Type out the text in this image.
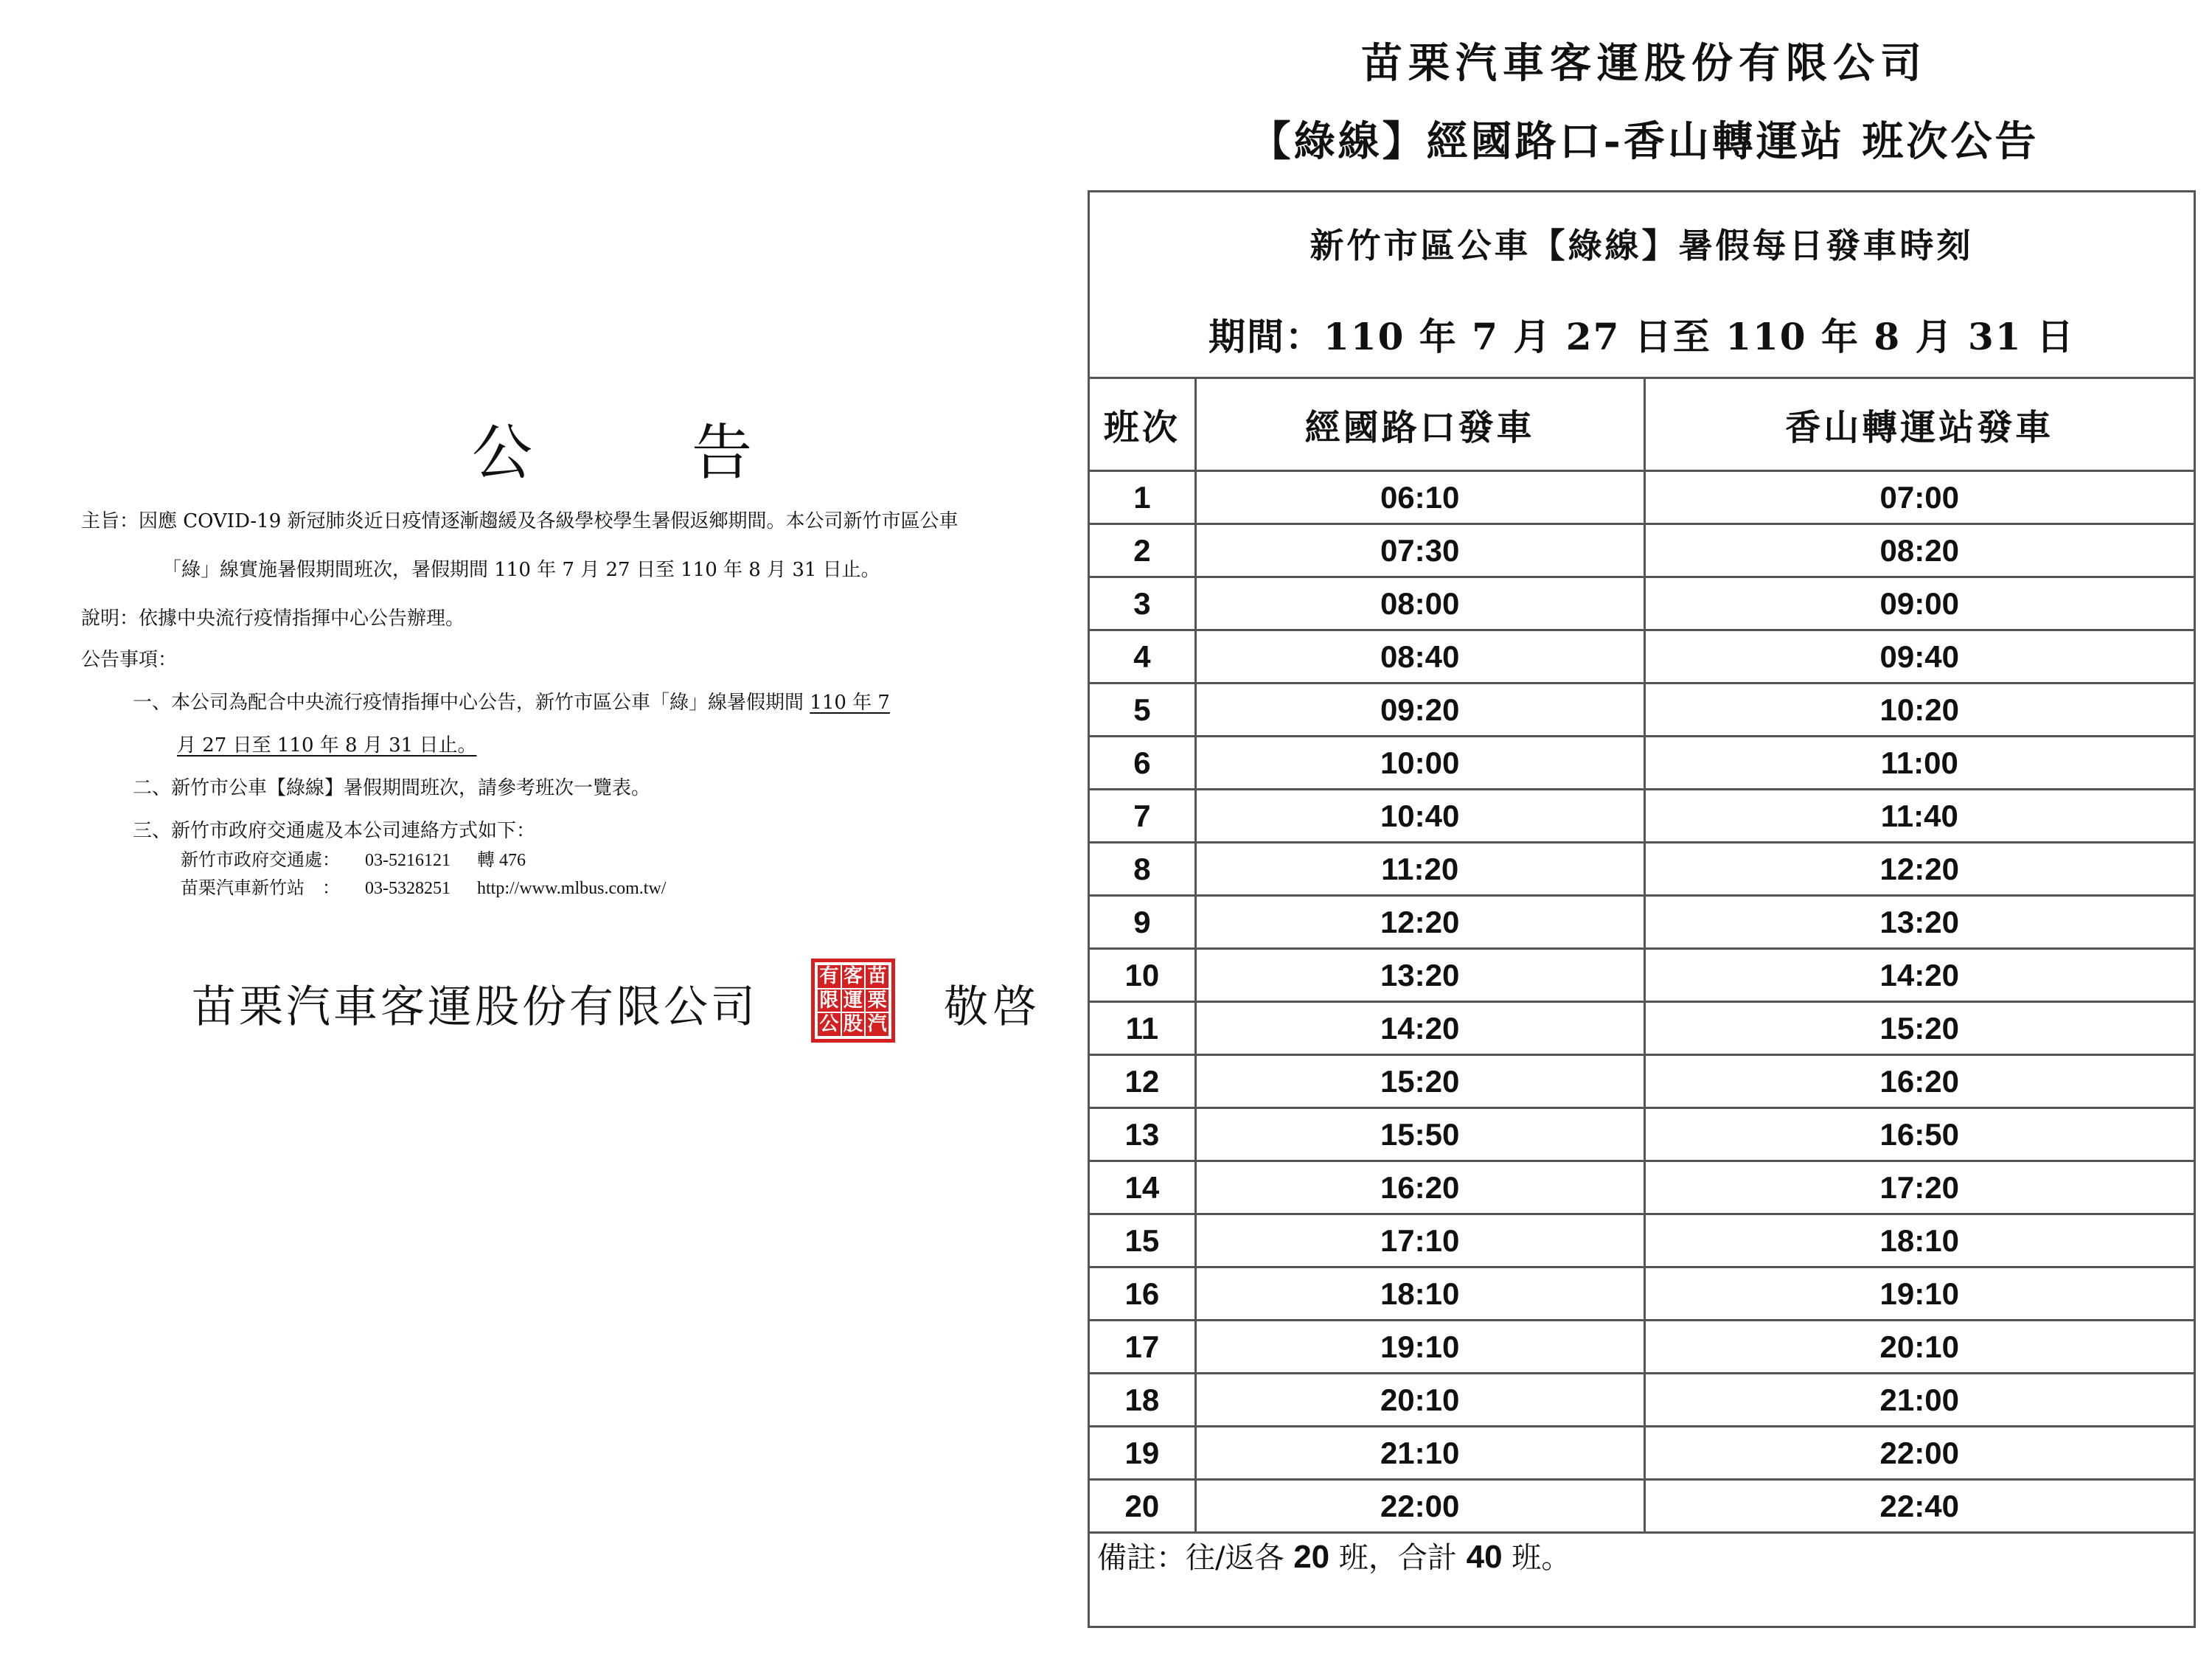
公	告
主旨：因應 COVID-19 新冠肺炎近日疫情逐漸趨緩及各級學校學生暑假返鄉期間。本公司新竹市區公車
「綠」線實施暑假期間班次，暑假期間 110 年 7 月 27 日至 110 年 8 月 31 日止。
說明：依據中央流行疫情指揮中心公告辦理。
公告事項：
一、本公司為配合中央流行疫情指揮中心公告，新竹市區公車「綠」線暑假期間 110 年 7
月 27 日至 110 年 8 月 31 日止。
二、新竹市公車【綠線】暑假期間班次，請參考班次一覽表。
三、新竹市政府交通處及本公司連絡方式如下：
新竹市政府交通處： 03-5216121 轉 476
苗栗汽車新竹站　： 03-5328251 http://www.mlbus.com.tw/
苗栗汽車客運股份有限公司
有 客 苗
限 運 栗
公 股 汽 敬啓
苗栗汽車客運股份有限公司
【綠線】經國路口-香山轉運站 班次公告
新竹市區公車【綠線】暑假每日發車時刻
期間：110 年 7 月 27 日至 110 年 8 月 31 日
班次	經國路口發車	香山轉運站發車
1	06:10	07:00
2	07:30	08:20
3	08:00	09:00
4	08:40	09:40
5	09:20	10:20
6	10:00	11:00
7	10:40	11:40
8	11:20	12:20
9	12:20	13:20
10	13:20	14:20
11	14:20	15:20
12	15:20	16:20
13	15:50	16:50
14	16:20	17:20
15	17:10	18:10
16	18:10	19:10
17	19:10	20:10
18	20:10	21:00
19	21:10	22:00
20	22:00	22:40
備註：往/返各 20 班，合計 40 班。
